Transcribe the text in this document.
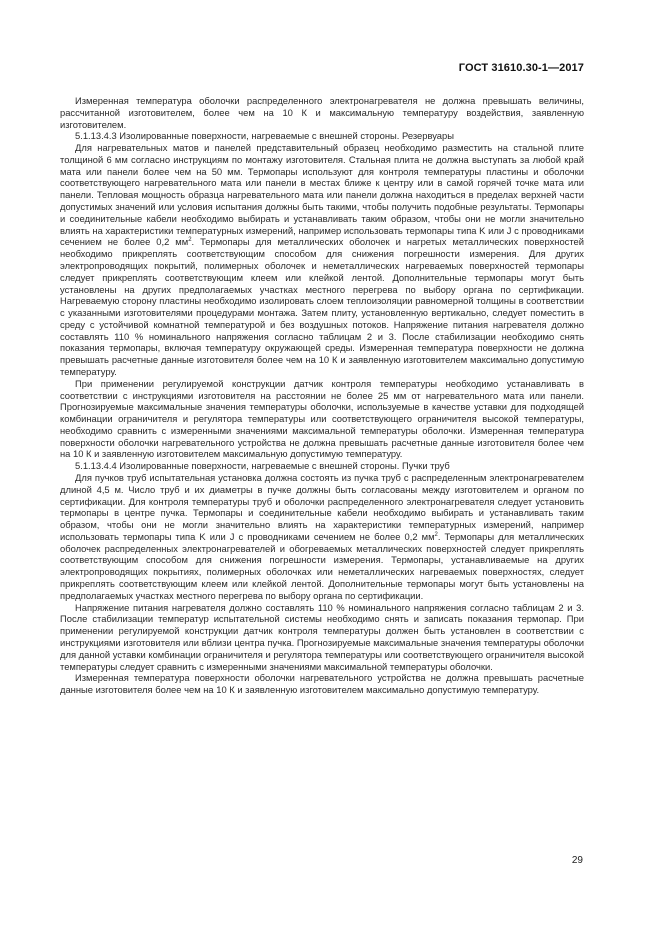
ГОСТ 31610.30-1—2017

Измеренная температура оболочки распределенного электронагревателя не должна превышать величины, рассчитанной изготовителем, более чем на 10 К и максимальную температуру воздействия, заявленную изготовителем.

5.1.13.4.3 Изолированные поверхности, нагреваемые с внешней стороны. Резервуары

Для нагревательных матов и панелей представительный образец необходимо разместить на стальной плите толщиной 6 мм согласно инструкциям по монтажу изготовителя. Стальная плита не должна выступать за любой край мата или панели более чем на 50 мм. Термопары используют для контроля температуры пластины и оболочки соответствующего нагревательного мата или панели в местах ближе к центру или в самой горячей точке мата или панели. Тепловая мощность образца нагревательного мата или панели должна находиться в пределах верхней части допустимых значений или условия испытания должны быть такими, чтобы получить подобные результаты. Термопары и соединительные кабели необходимо выбирать и устанавливать таким образом, чтобы они не могли значительно влиять на характеристики температурных измерений, например использовать термопары типа K или J с проводниками сечением не более 0,2 $мм^2$. Термопары для металлических оболочек и нагретых металлических поверхностей необходимо прикреплять соответствующим способом для снижения погрешности измерения. Для других электропроводящих покрытий, полимерных оболочек и неметаллических нагреваемых поверхностей термопары следует прикреплять соответствующим клеем или клейкой лентой. Дополнительные термопары могут быть установлены на других предполагаемых участках местного перегрева по выбору органа по сертификации. Нагреваемую сторону пластины необходимо изолировать слоем теплоизоляции равномерной толщины в соответствии с указанными изготовителями процедурами монтажа. Затем плиту, установленную вертикально, следует поместить в среду с устойчивой комнатной температурой и без воздушных потоков. Напряжение питания нагревателя должно составлять 110 % номинального напряжения согласно таблицам 2 и 3. После стабилизации необходимо снять показания термопары, включая температуру окружающей среды. Измеренная температура поверхности не должна превышать расчетные данные изготовителя более чем на 10 К и заявленную изготовителем максимально допустимую температуру.

При применении регулируемой конструкции датчик контроля температуры необходимо устанавливать в соответствии с инструкциями изготовителя на расстоянии не более 25 мм от нагревательного мата или панели. Прогнозируемые максимальные значения температуры оболочки, используемые в качестве уставки для подходящей комбинации ограничителя и регулятора температуры или соответствующего ограничителя высокой температуры, необходимо сравнить с измеренными значениями максимальной температуры оболочки. Измеренная температура поверхности оболочки нагревательного устройства не должна превышать расчетные данные изготовителя более чем на 10 К и заявленную изготовителем максимальную допустимую температуру.

5.1.13.4.4 Изолированные поверхности, нагреваемые с внешней стороны. Пучки труб

Для пучков труб испытательная установка должна состоять из пучка труб с распределенным электронагревателем длиной 4,5 м. Число труб и их диаметры в пучке должны быть согласованы между изготовителем и органом по сертификации. Для контроля температуры труб и оболочки распределенного электронагревателя следует установить термопары в центре пучка. Термопары и соединительные кабели необходимо выбирать и устанавливать таким образом, чтобы они не могли значительно влиять на характеристики температурных измерений, например использовать термопары типа K или J с проводниками сечением не более 0,2 $мм^2$. Термопары для металлических оболочек распределенных электронагревателей и обогреваемых металлических поверхностей следует прикреплять соответствующим способом для снижения погрешности измерения. Термопары, устанавливаемые на других электропроводящих покрытиях, полимерных оболочках или неметаллических нагреваемых поверхностях, следует прикреплять соответствующим клеем или клейкой лентой. Дополнительные термопары могут быть установлены на предполагаемых участках местного перегрева по выбору органа по сертификации.

Напряжение питания нагревателя должно составлять 110 % номинального напряжения согласно таблицам 2 и 3. После стабилизации температур испытательной системы необходимо снять и записать показания термопар. При применении регулируемой конструкции датчик контроля температуры должен быть установлен в соответствии с инструкциями изготовителя или вблизи центра пучка. Прогнозируемые максимальные значения температуры оболочки для данной уставки комбинации ограничителя и регулятора температуры или соответствующего ограничителя высокой температуры следует сравнить с измеренными значениями максимальной температуры оболочки.

Измеренная температура поверхности оболочки нагревательного устройства не должна превышать расчетные данные изготовителя более чем на 10 К и заявленную изготовителем максимально допустимую температуру.

29
